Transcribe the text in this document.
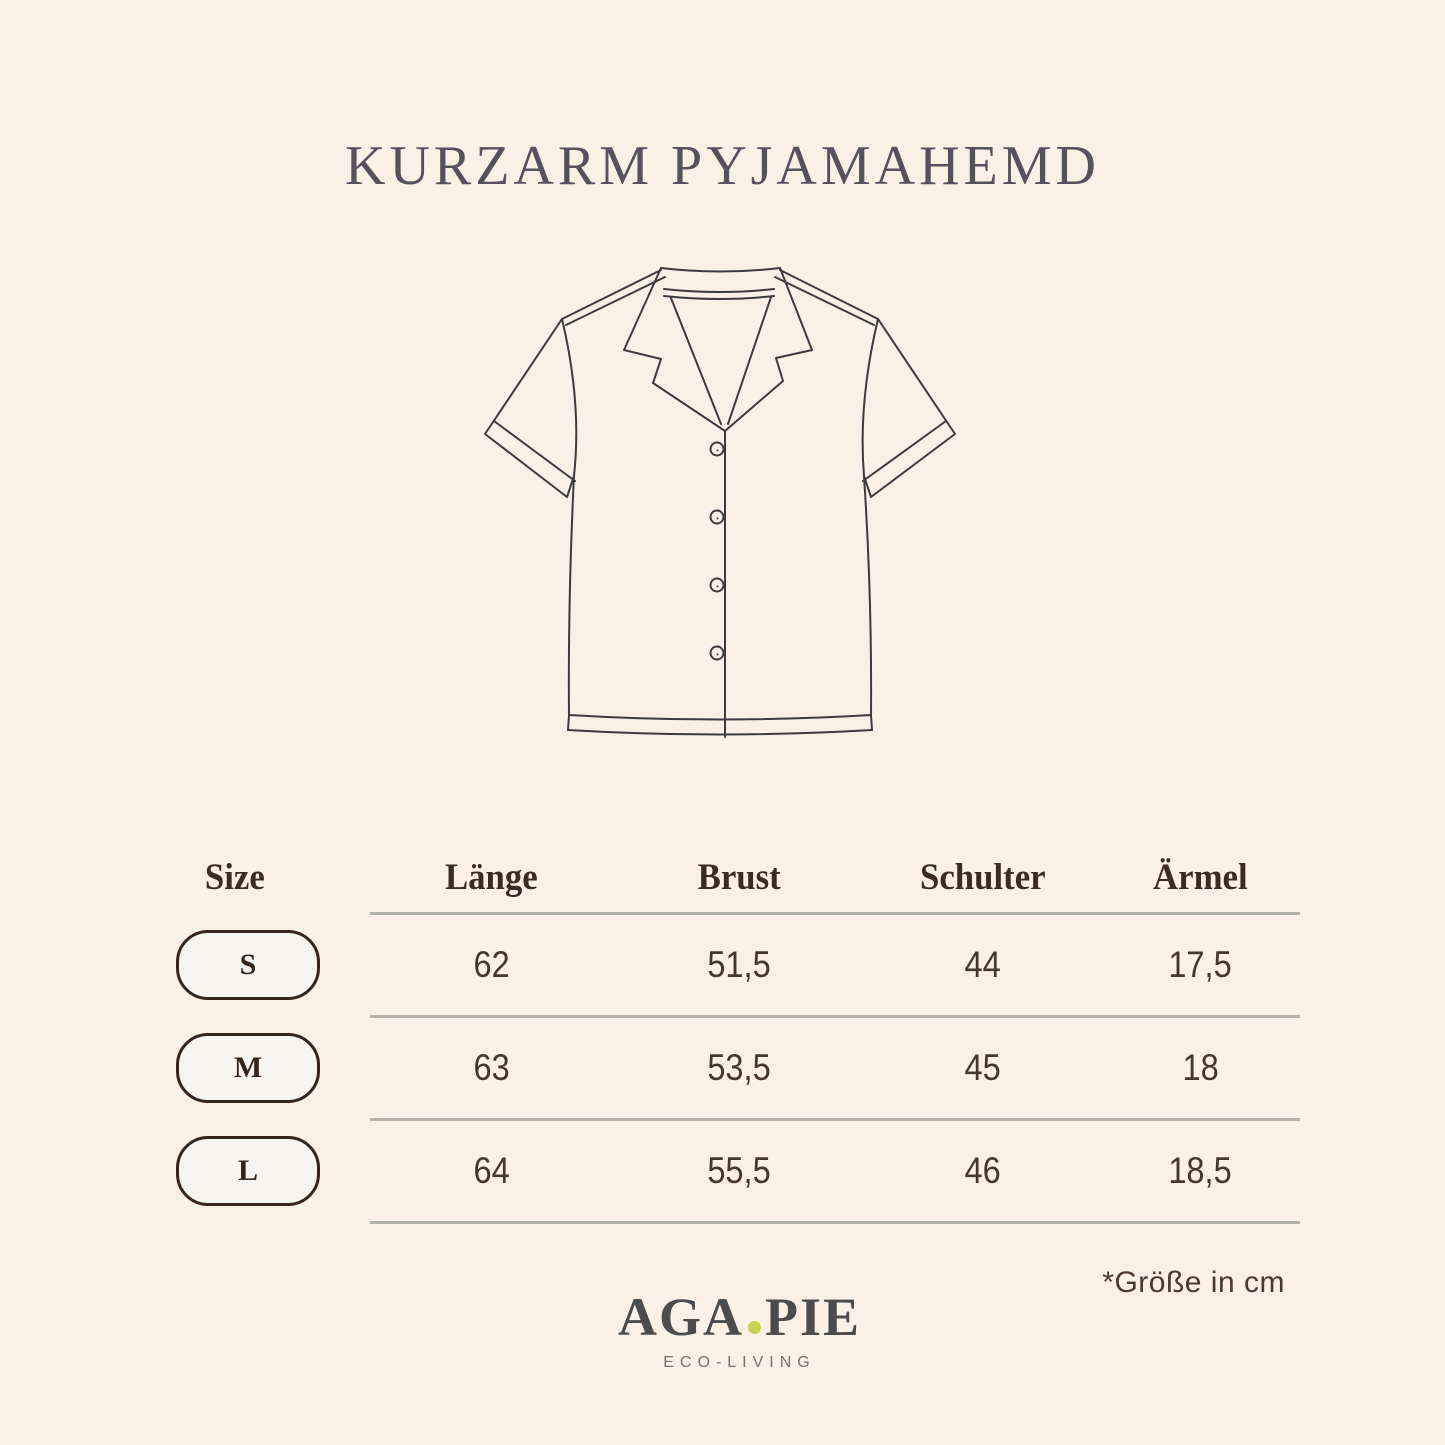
KURZARM PYJAMAHEMD
Size	Länge	Brust	Schulter	Ärmel
S	62	51,5	44	17,5
M	63	53,5	45	18
L	64	55,5	46	18,5
*Größe in cm
AGA PIE
ECO-LIVING
